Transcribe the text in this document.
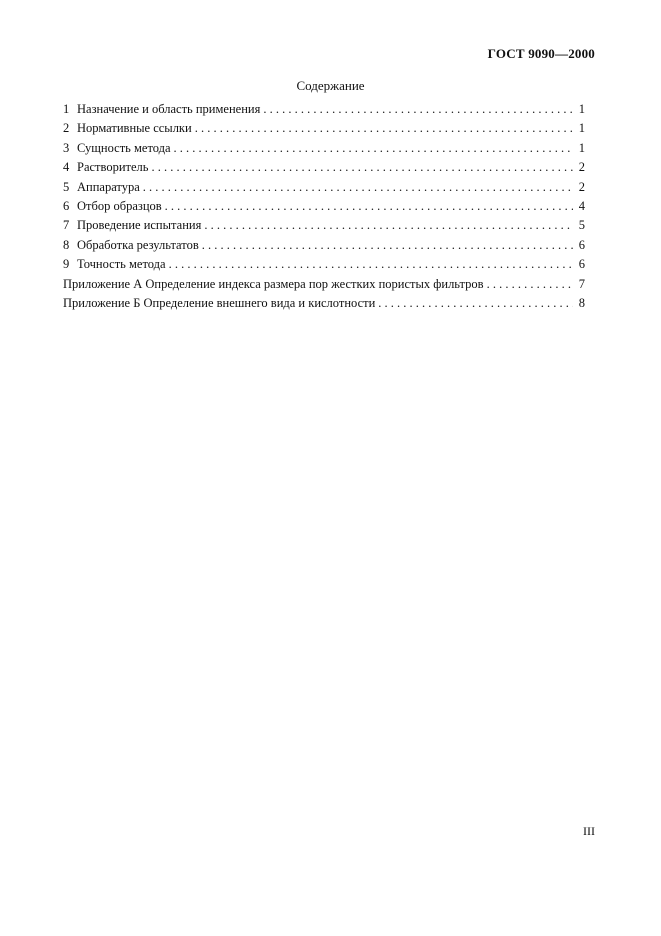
ГОСТ 9090—2000
Содержание
1 Назначение и область применения . . .	1
2 Нормативные ссылки . . .	1
3 Сущность метода . . .	1
4 Растворитель . . .	2
5 Аппаратура . . .	2
6 Отбор образцов . . .	4
7 Проведение испытания . . .	5
8 Обработка результатов . . .	6
9 Точность метода . . .	6
Приложение А Определение индекса размера пор жестких пористых фильтров . . .	7
Приложение Б Определение внешнего вида и кислотности . . .	8
III
